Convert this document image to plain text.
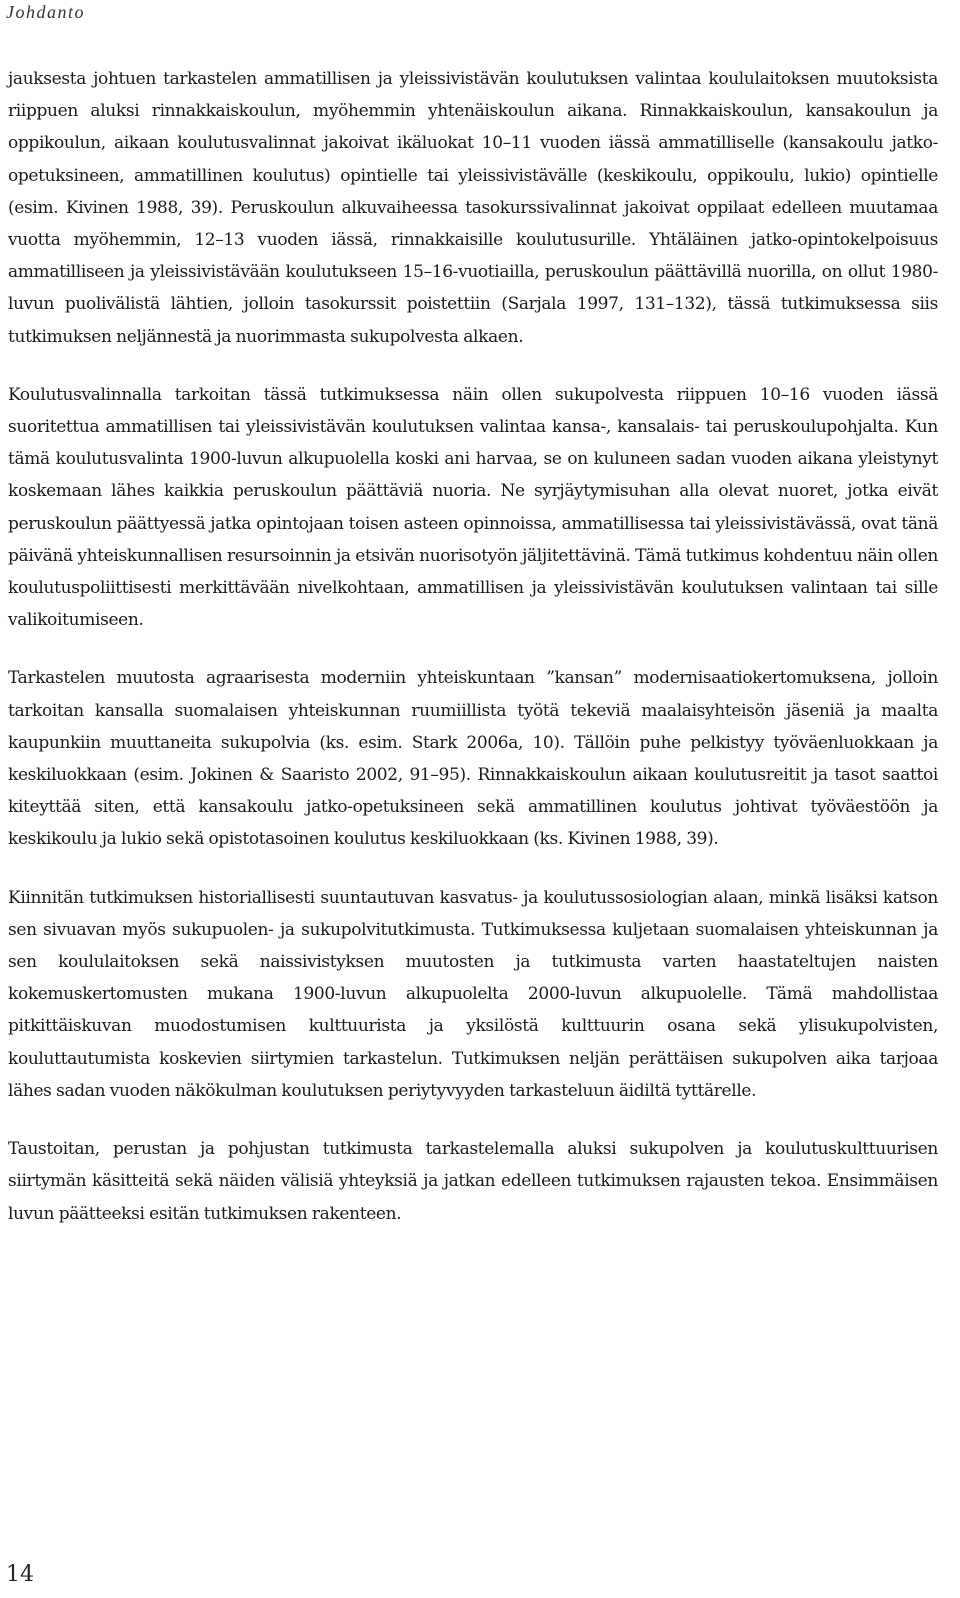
Johdanto

jauksesta johtuen tarkastelen ammatillisen ja yleissivistävän koulutuksen valintaa koululaitoksen muutoksista riippuen aluksi rinnakkaiskoulun, myöhemmin yhtenäiskoulun aikana. Rinnakkaiskoulun, kansakoulun ja oppikoulun, aikaan koulutusvalinnat jakoivat ikäluokat 10–11 vuoden iässä ammatilliselle (kansakoulu jatko-opetuksineen, ammatillinen koulutus) opintielle tai yleissivistävälle (keskikoulu, oppikoulu, lukio) opintielle (esim. Kivinen 1988, 39). Peruskoulun alkuvaiheessa tasokurssivalinnat jakoivat oppilaat edelleen muutamaa vuotta myöhemmin, 12–13 vuoden iässä, rinnakkaisille koulutusurille. Yhtäläinen jatko-opintokelpoisuus ammatilliseen ja yleissivistävään koulutukseen 15–16-vuotiailla, peruskoulun päättävillä nuorilla, on ollut 1980-luvun puolivälistä lähtien, jolloin tasokurssit poistettiin (Sarjala 1997, 131–132), tässä tutkimuksessa siis tutkimuksen neljännestä ja nuorimmasta sukupolvesta alkaen.

Koulutusvalinnalla tarkoitan tässä tutkimuksessa näin ollen sukupolvesta riippuen 10–16 vuoden iässä suoritettua ammatillisen tai yleissivistävän koulutuksen valintaa kansa-, kansalais- tai peruskoulupohjalta. Kun tämä koulutusvalinta 1900-luvun alkupuolella koski ani harvaa, se on kuluneen sadan vuoden aikana yleistynyt koskemaan lähes kaikkia peruskoulun päättäviä nuoria. Ne syrjäytymisuhan alla olevat nuoret, jotka eivät peruskoulun päättyessä jatka opintojaan toisen asteen opinnoissa, ammatillisessa tai yleissivistävässä, ovat tänä päivänä yhteiskunnallisen resursoinnin ja etsivän nuorisotyön jäljitettävinä. Tämä tutkimus kohdentuu näin ollen koulutuspoliittisesti merkittävään nivelkohtaan, ammatillisen ja yleissivistävän koulutuksen valintaan tai sille valikoitumiseen.

Tarkastelen muutosta agraarisesta moderniin yhteiskuntaan ”kansan” modernisaatiokertomuksena, jolloin tarkoitan kansalla suomalaisen yhteiskunnan ruumiillista työtä tekeviä maalaisyhteisön jäseniä ja maalta kaupunkiin muuttaneita sukupolvia (ks. esim. Stark 2006a, 10). Tällöin puhe pelkistyy työväenluokkaan ja keskiluokkaan (esim. Jokinen & Saaristo 2002, 91–95). Rinnakkaiskoulun aikaan koulutusreitit ja tasot saattoi kiteyttää siten, että kansakoulu jatko-opetuksineen sekä ammatillinen koulutus johtivat työväestöön ja keskikoulu ja lukio sekä opistotasoinen koulutus keskiluokkaan (ks. Kivinen 1988, 39).

Kiinnitän tutkimuksen historiallisesti suuntautuvan kasvatus- ja koulutussosiologian alaan, minkä lisäksi katson sen sivuavan myös sukupuolen- ja sukupolvitutkimusta. Tutkimuksessa kuljetaan suomalaisen yhteiskunnan ja sen koululaitoksen sekä naissivistyksen muutosten ja tutkimusta varten haastateltujen naisten kokemuskertomusten mukana 1900-luvun alkupuolelta 2000-luvun alkupuolelle. Tämä mahdollistaa pitkittäiskuvan muodostumisen kulttuurista ja yksilöstä kulttuurin osana sekä ylisukupolvisten, kouluttautumista koskevien siirtymien tarkastelun. Tutkimuksen neljän perättäisen sukupolven aika tarjoaa lähes sadan vuoden näkökulman koulutuksen periytyvyyden tarkasteluun äidiltä tyttärelle.

Taustoitan, perustan ja pohjustan tutkimusta tarkastelemalla aluksi sukupolven ja koulutuskulttuurisen siirtymän käsitteitä sekä näiden välisiä yhteyksiä ja jatkan edelleen tutkimuksen rajausten tekoa. Ensimmäisen luvun päätteeksi esitän tutkimuksen rakenteen.

14
